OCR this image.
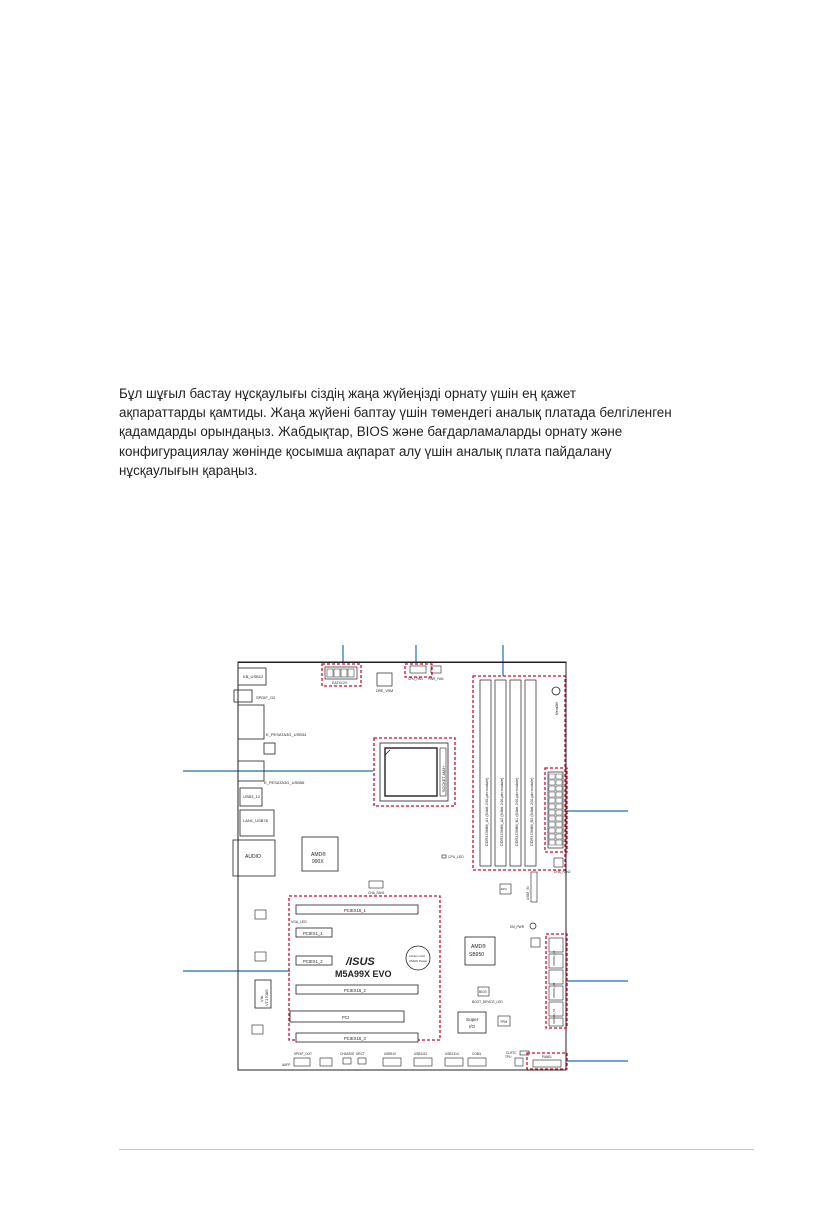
Бұл шұғыл бастау нұсқаулығы сіздің жаңа жүйеңізді орнату үшін ең қажет
ақпараттарды қамтиды. Жаңа жүйені баптау үшін төмендегі аналық платада белгіленген
қадамдарды орындаңыз. Жабдықтар, BIOS және бағдарламаларды орнату және
конфигурациялау жөнінде қосымша ақпарат алу үшін аналық плата пайдалану
нұсқаулығын қараңыз.

KB_USB12
SPDIF_O2
E_PESATA3G_USB34
E_PESATA3G_USB56
USB3_12
LAN1_USB78
AUDIO
EATX12V
CPU_FAN PWR_FAN
DRE_VRM
DDR3 DIMM_A1 (64bit, 240-pin module)	DDR3 DIMM_A2 (64bit, 240-pin module)	DDR3 DIMM_B1 (64bit, 240-pin module)	DDR3 DIMM_B2 (64bit, 240-pin module)
MemOK!
SOCKET AM3+
AMD®
990X
CPU_LED
CHA_FAN2
USB3_34
CHA_FAN1
EPU
PCIEX16_1
PCIEX1_1
PCIEX1_2
PCIEX16_2
PCI
PCIEX16_3
VGA_LED
/ISUS
M5A99X EVO
Lithium Cell
CMOS Power
AMD®
SB950
EM_PWR
BIOS
BOOT_DEVICE_LED
Super
I/O
TPM
SATA6G_12
SATA6G_34
SATA6G_56
VIA VT1708S
AAFP
SPDIF_OUT	CHASSIS DRCT	USB910	USB1112	USB1314	COM1	CLRTC
TPU	PANEL
